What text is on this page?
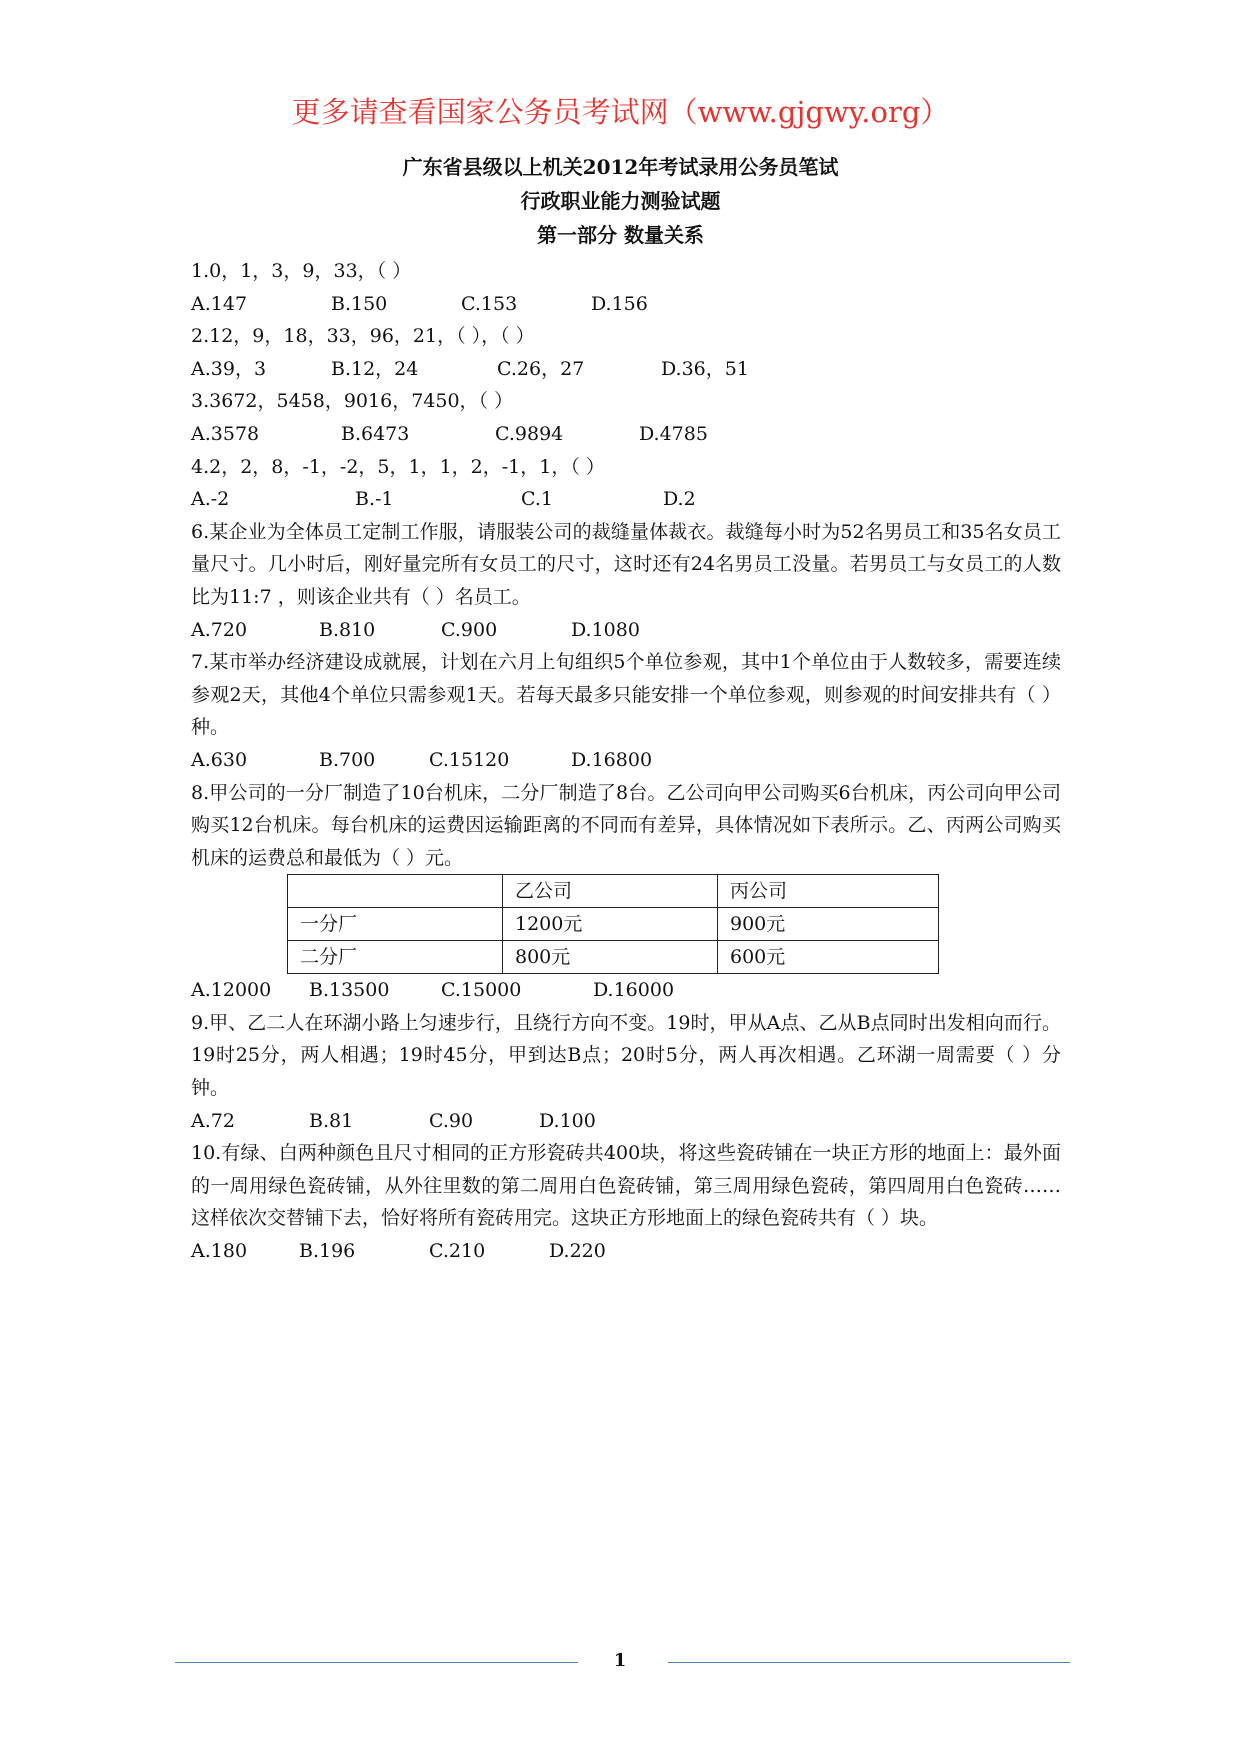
更多请查看国家公务员考试网（www.gjgwy.org）
广东省县级以上机关2012年考试录用公务员笔试
行政职业能力测验试题
第一部分 数量关系
1.0，1，3，9，33，（ ）
A.147	B.150	C.153	D.156
2.12，9，18，33，96，21，（ ），（ ）
A.39，3	B.12，24	C.26，27	D.36，51
3.3672，5458，9016，7450，（ ）
A.3578	B.6473	C.9894	D.4785
4.2，2，8，-1，-2，5，1，1，2，-1，1，（ ）
A.-2	B.-1	C.1	D.2
6.某企业为全体员工定制工作服，请服装公司的裁缝量体裁衣。裁缝每小时为52名男员工和35名女员工量尺寸。几小时后，刚好量完所有女员工的尺寸，这时还有24名男员工没量。若男员工与女员工的人数比为11:7 ，则该企业共有（ ）名员工。
A.720	B.810	C.900	D.1080
7.某市举办经济建设成就展，计划在六月上旬组织5个单位参观，其中1个单位由于人数较多，需要连续参观2天，其他4个单位只需参观1天。若每天最多只能安排一个单位参观，则参观的时间安排共有（ ）种。
A.630	B.700	C.15120	D.16800
8.甲公司的一分厂制造了10台机床，二分厂制造了8台。乙公司向甲公司购买6台机床，丙公司向甲公司购买12台机床。每台机床的运费因运输距离的不同而有差异，具体情况如下表所示。乙、丙两公司购买机床的运费总和最低为（ ）元。
	乙公司	丙公司
一分厂	1200元	900元
二分厂	800元	600元
A.12000 B.13500	C.15000	D.16000
9.甲、乙二人在环湖小路上匀速步行，且绕行方向不变。19时，甲从A点、乙从B点同时出发相向而行。19时25分，两人相遇；19时45分，甲到达B点；20时5分，两人再次相遇。乙环湖一周需要（ ）分钟。
A.72	B.81	C.90	D.100
10.有绿、白两种颜色且尺寸相同的正方形瓷砖共400块，将这些瓷砖铺在一块正方形的地面上：最外面的一周用绿色瓷砖铺，从外往里数的第二周用白色瓷砖铺，第三周用绿色瓷砖，第四周用白色瓷砖……这样依次交替铺下去，恰好将所有瓷砖用完。这块正方形地面上的绿色瓷砖共有（ ）块。
A.180	B.196	C.210	D.220
1
